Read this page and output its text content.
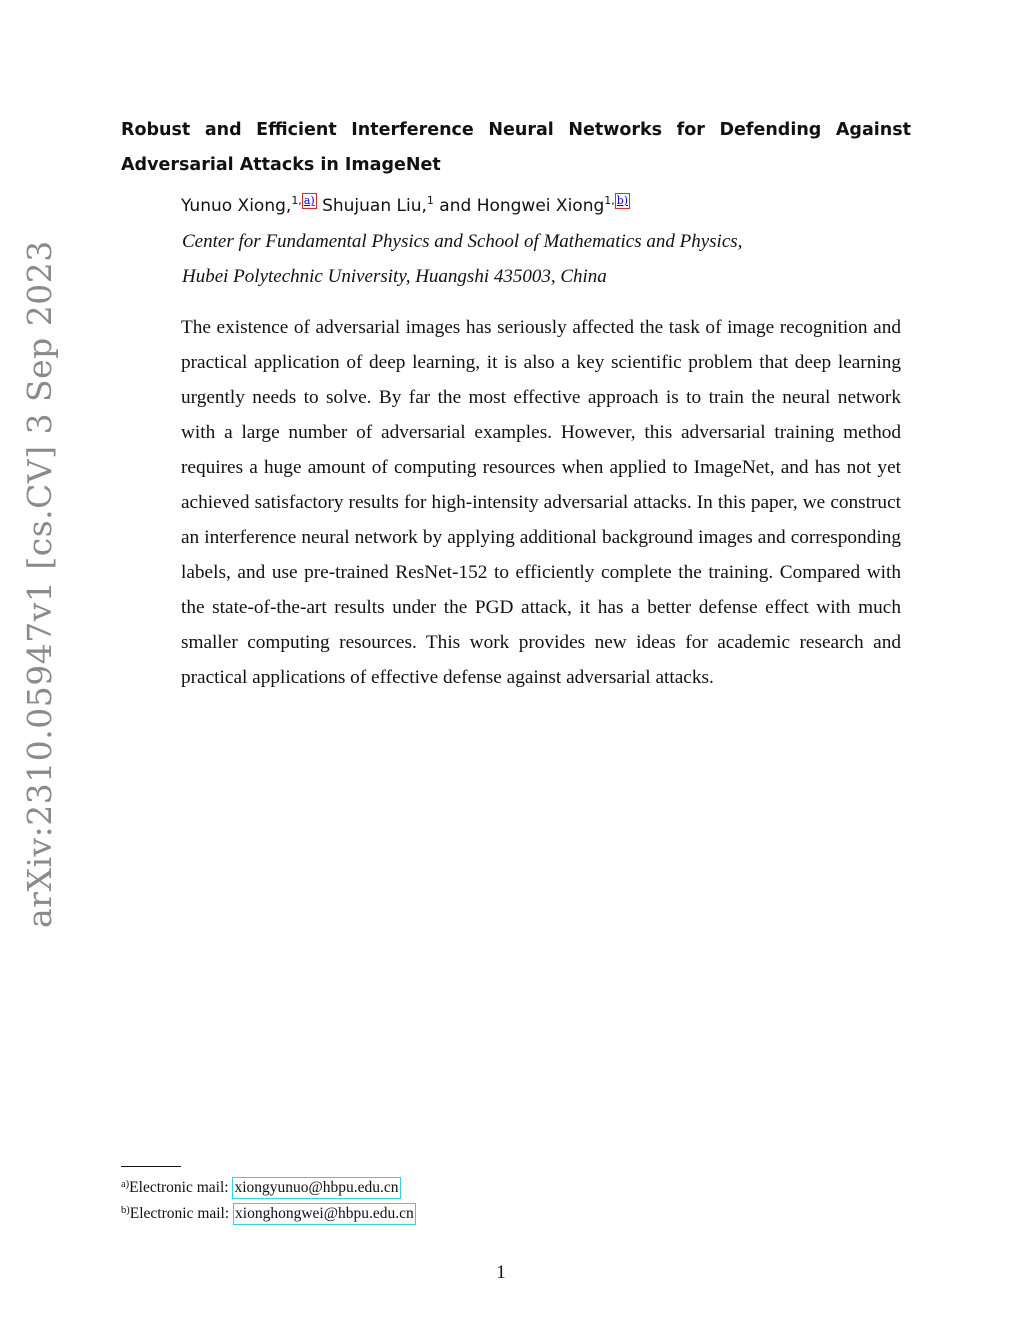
arXiv:2310.05947v1 [cs.CV] 3 Sep 2023
Robust and Efficient Interference Neural Networks for Defending Against Adversarial Attacks in ImageNet
Yunuo Xiong,$^{1, a)}$ Shujuan Liu,$^1$ and Hongwei Xiong$^{1, b)}$
Center for Fundamental Physics and School of Mathematics and Physics,
Hubei Polytechnic University, Huangshi 435003, China

The existence of adversarial images has seriously affected the task of image recognition and practical application of deep learning, it is also a key scientific problem that deep learning urgently needs to solve. By far the most effective approach is to train the neural network with a large number of adversarial examples. However, this adversarial training method requires a huge amount of computing resources when applied to ImageNet, and has not yet achieved satisfactory results for high-intensity adversarial attacks. In this paper, we construct an interference neural network by applying additional background images and corresponding labels, and use pre-trained ResNet-152 to efficiently complete the training. Compared with the state-of-the-art results under the PGD attack, it has a better defense effect with much smaller computing resources. This work provides new ideas for academic research and practical applications of effective defense against adversarial attacks.

$^{a)}$Electronic mail: xiongyunuo@hbpu.edu.cn
$^{b)}$Electronic mail: xionghongwei@hbpu.edu.cn
1
